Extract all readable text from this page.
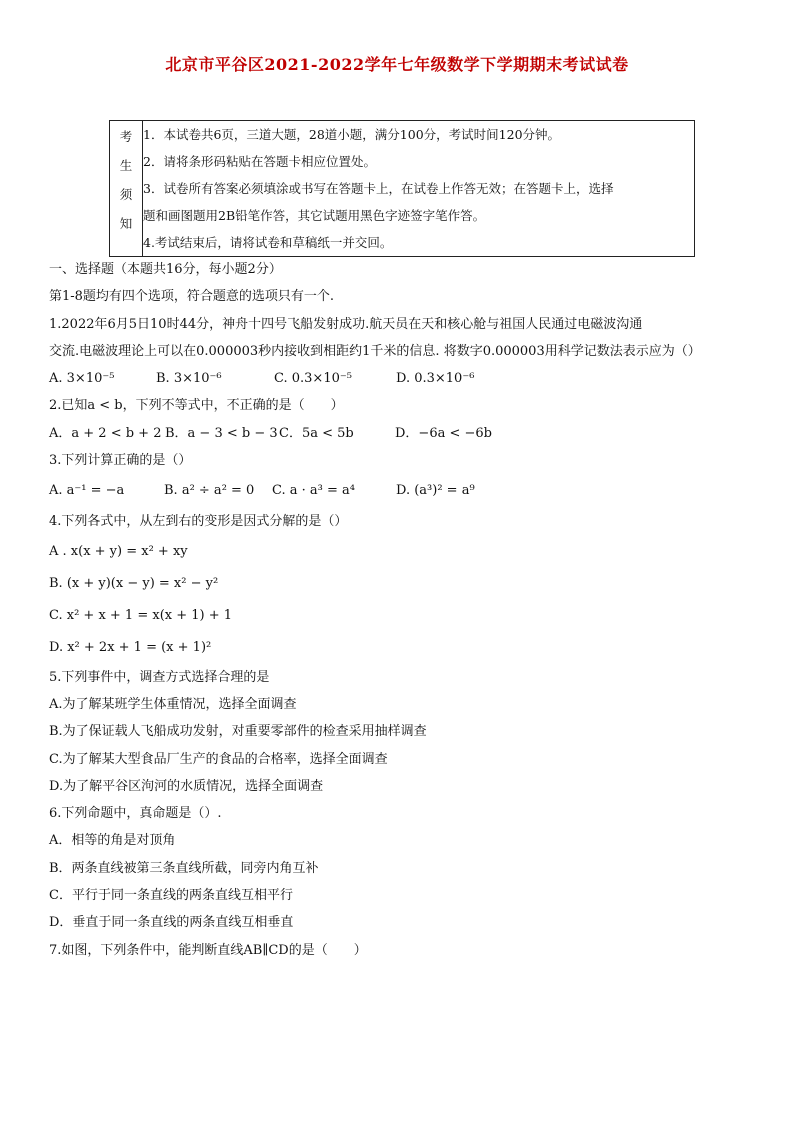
北京市平谷区2021-2022学年七年级数学下学期期末考试试卷
考
生
须
知

1．本试卷共6页，三道大题，28道小题，满分100分，考试时间120分钟。
2．请将条形码粘贴在答题卡相应位置处。
3．试卷所有答案必须填涂或书写在答题卡上，在试卷上作答无效；在答题卡上，选择
题和画图题用2B铅笔作答，其它试题用黑色字迹签字笔作答。
4.考试结束后，请将试卷和草稿纸一并交回。
一、选择题（本题共16分，每小题2分）
第1-8题均有四个选项，符合题意的选项只有一个.
1.2022年6月5日10时44分，神舟十四号飞船发射成功.航天员在天和核心舱与祖国人民通过电磁波沟通
交流.电磁波理论上可以在0.000003秒内接收到相距约1千米的信息. 将数字0.000003用科学记数法表示应为（）
A. 3×10⁻⁵	B. 3×10⁻⁶	C. 0.3×10⁻⁵	D. 0.3×10⁻⁶
2.已知a < b，下列不等式中，不正确的是（　　）
A．a + 2 < b + 2 B．a − 3 < b − 3C．5a < 5b	D．−6a < −6b
3.下列计算正确的是（）
A. a⁻¹ = −a	B. a² ÷ a² = 0 C. a · a³ = a⁴	D. (a³)² = a⁹
4.下列各式中，从左到右的变形是因式分解的是（）
A . x(x + y) = x² + xy
B. (x + y)(x − y) = x² − y²
C. x² + x + 1 = x(x + 1) + 1
D. x² + 2x + 1 = (x + 1)²
5.下列事件中，调查方式选择合理的是
A.为了解某班学生体重情况，选择全面调查
B.为了保证载人飞船成功发射，对重要零部件的检查采用抽样调查
C.为了解某大型食品厂生产的食品的合格率，选择全面调查
D.为了解平谷区泃河的水质情况，选择全面调查
6.下列命题中，真命题是（）.
A．相等的角是对顶角
B．两条直线被第三条直线所截，同旁内角互补
C．平行于同一条直线的两条直线互相平行
D．垂直于同一条直线的两条直线互相垂直
7.如图，下列条件中，能判断直线AB∥CD的是（　　）
